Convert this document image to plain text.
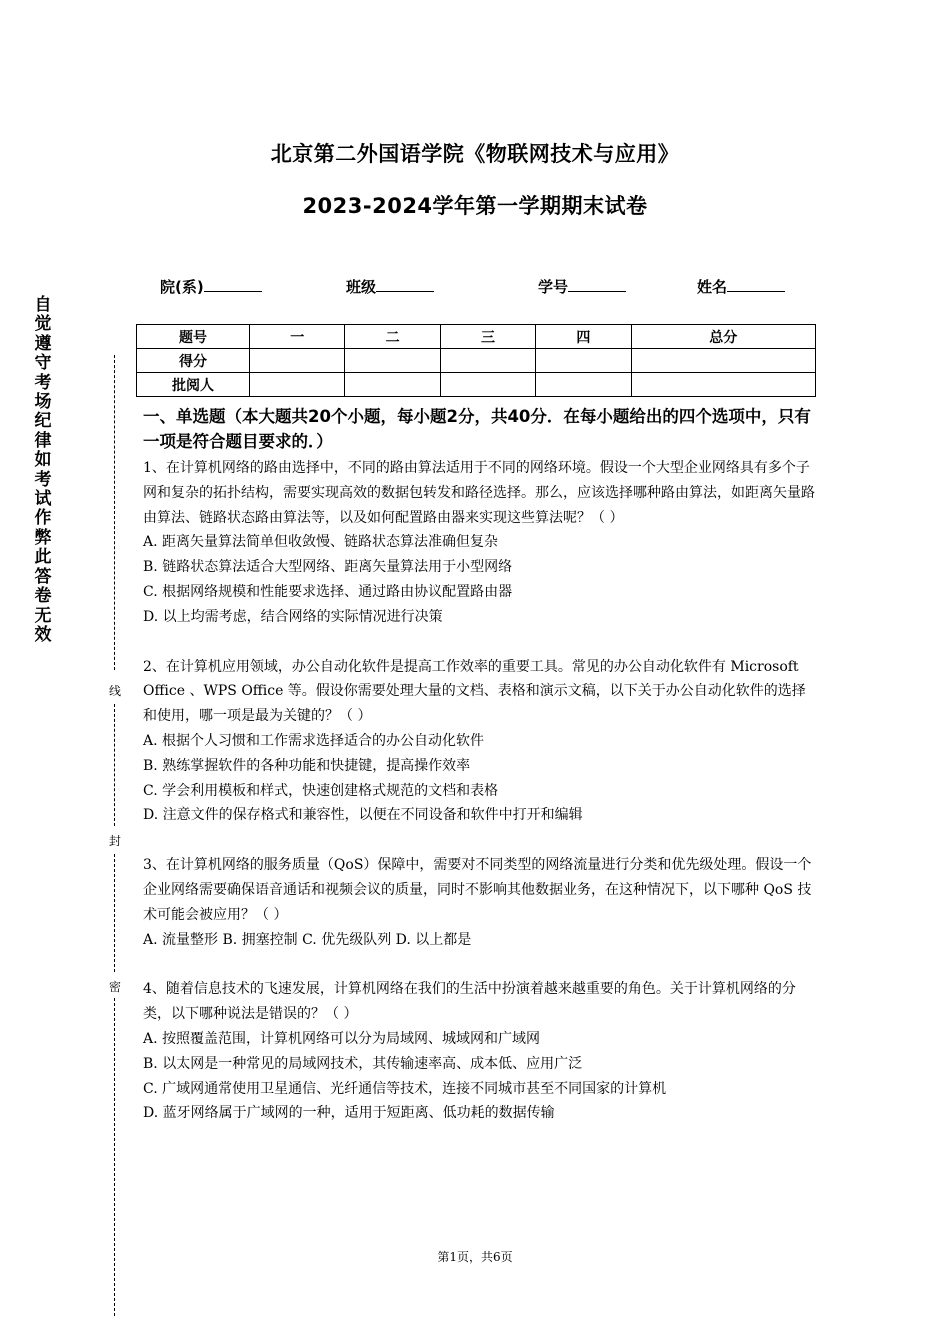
北京第二外国语学院《物联网技术与应用》
2023-2024学年第一学期期末试卷
院(系)	班级	学号	姓名
题号	一	二	三	四	总分
得分					
批阅人					
自觉遵守考场纪律如考试作弊此答卷无效
线
封
密
一、单选题（本大题共20个小题，每小题2分，共40分．在每小题给出的四个选项中，只有一项是符合题目要求的．）

1、在计算机网络的路由选择中，不同的路由算法适用于不同的网络环境。假设一个大型企业网络具有多个子网和复杂的拓扑结构，需要实现高效的数据包转发和路径选择。那么，应该选择哪种路由算法，如距离矢量路由算法、链路状态路由算法等，以及如何配置路由器来实现这些算法呢？（ ）

A. 距离矢量算法简单但收敛慢、链路状态算法准确但复杂

B. 链路状态算法适合大型网络、距离矢量算法用于小型网络

C. 根据网络规模和性能要求选择、通过路由协议配置路由器

D. 以上均需考虑，结合网络的实际情况进行决策

2、在计算机应用领域，办公自动化软件是提高工作效率的重要工具。常见的办公自动化软件有 Microsoft Office 、WPS Office 等。假设你需要处理大量的文档、表格和演示文稿，以下关于办公自动化软件的选择和使用，哪一项是最为关键的？（ ）

A. 根据个人习惯和工作需求选择适合的办公自动化软件

B. 熟练掌握软件的各种功能和快捷键，提高操作效率

C. 学会利用模板和样式，快速创建格式规范的文档和表格

D. 注意文件的保存格式和兼容性，以便在不同设备和软件中打开和编辑

3、在计算机网络的服务质量（QoS）保障中，需要对不同类型的网络流量进行分类和优先级处理。假设一个企业网络需要确保语音通话和视频会议的质量，同时不影响其他数据业务，在这种情况下，以下哪种 QoS 技术可能会被应用？（ ）

A. 流量整形 B. 拥塞控制 C. 优先级队列 D. 以上都是

4、随着信息技术的飞速发展，计算机网络在我们的生活中扮演着越来越重要的角色。关于计算机网络的分类，以下哪种说法是错误的？（ ）

A. 按照覆盖范围，计算机网络可以分为局域网、城域网和广域网

B. 以太网是一种常见的局域网技术，其传输速率高、成本低、应用广泛

C. 广域网通常使用卫星通信、光纤通信等技术，连接不同城市甚至不同国家的计算机

D. 蓝牙网络属于广域网的一种，适用于短距离、低功耗的数据传输

第1页，共6页
